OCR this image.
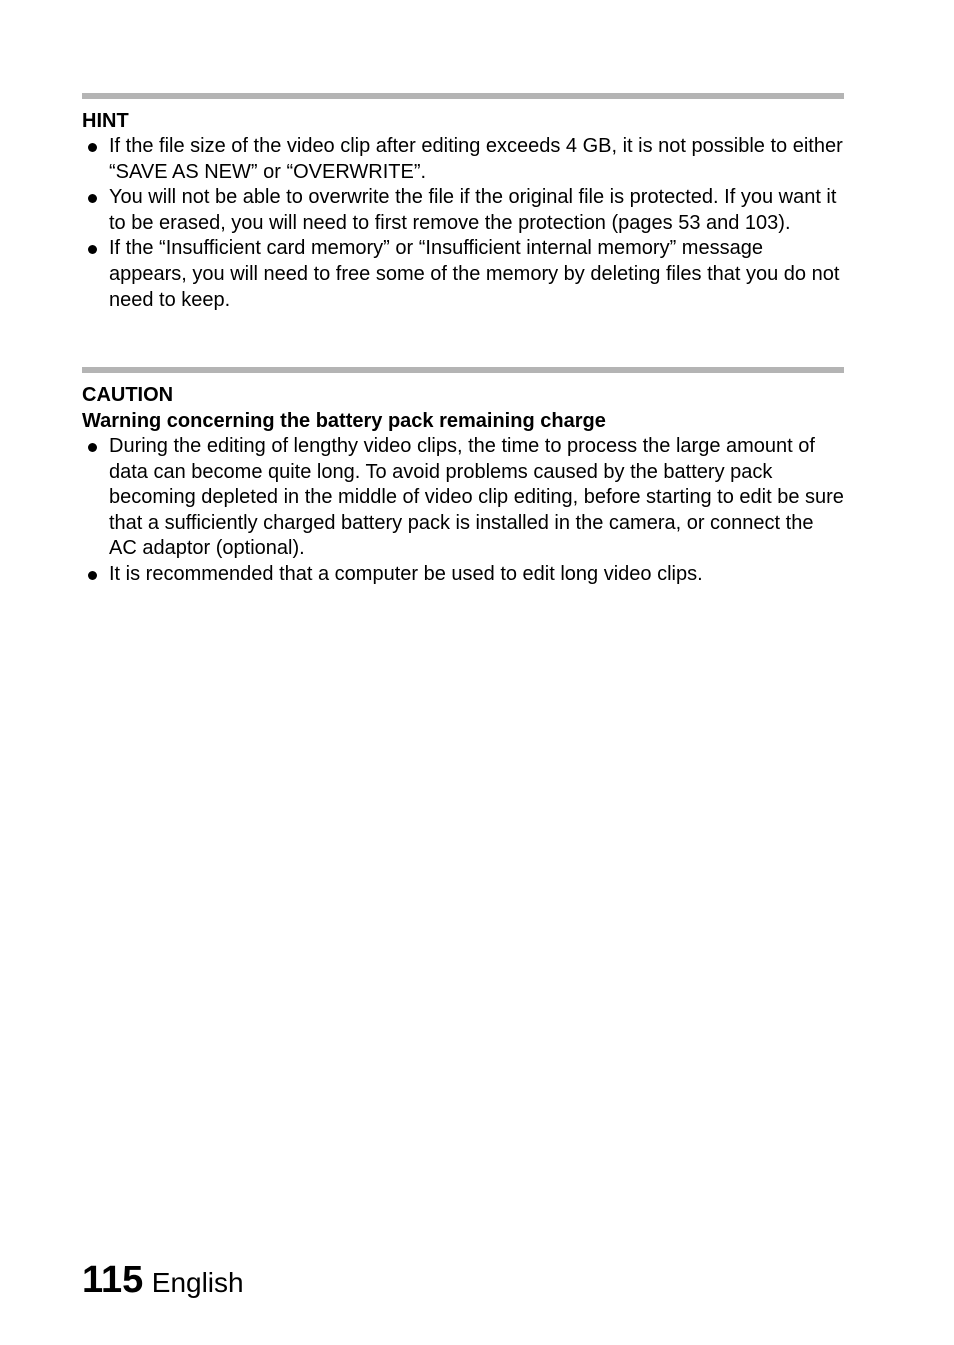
HINT
If the file size of the video clip after editing exceeds 4 GB, it is not possible to either “SAVE AS NEW” or “OVERWRITE”.
You will not be able to overwrite the file if the original file is protected. If you want it to be erased, you will need to first remove the protection (pages 53 and 103).
If the “Insufficient card memory” or “Insufficient internal memory” message appears, you will need to free some of the memory by deleting files that you do not need to keep.
CAUTION
Warning concerning the battery pack remaining charge
During the editing of lengthy video clips, the time to process the large amount of data can become quite long. To avoid problems caused by the battery pack becoming depleted in the middle of video clip editing, before starting to edit be sure that a sufficiently charged battery pack is installed in the camera, or connect the AC adaptor (optional).
It is recommended that a computer be used to edit long video clips.
115 English
